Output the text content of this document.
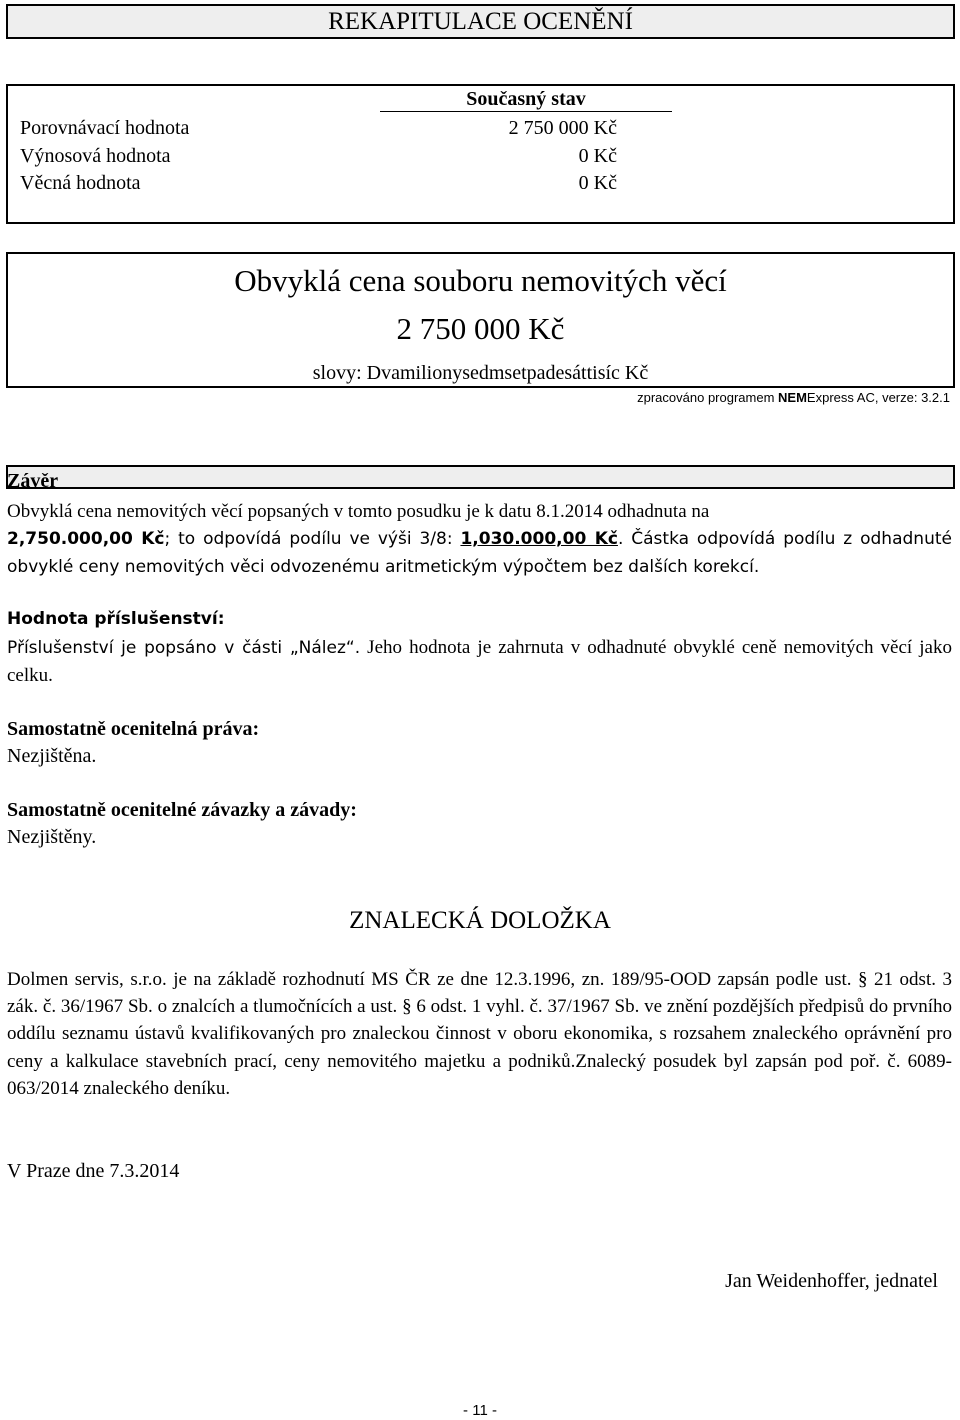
REKAPITULACE OCENĚNÍ
Současný stav
Porovnávací hodnota	2 750 000 Kč
Výnosová hodnota	0 Kč
Věcná hodnota	0 Kč
Obvyklá cena souboru nemovitých věcí
2 750 000 Kč
slovy: Dvamilionysedmsetpadesáttisíc Kč
zpracováno programem NEMExpress AC, verze: 3.2.1
Závěr
Obvyklá cena nemovitých věcí popsaných v tomto posudku je k datu 8.1.2014 odhadnuta na
2,750.000,00 Kč; to odpovídá podílu ve výši 3/8: 1,030.000,00 Kč. Částka odpovídá podílu z odhadnuté obvyklé ceny nemovitých věci odvozenému aritmetickým výpočtem bez dalších korekcí.
Hodnota příslušenství:
Příslušenství je popsáno v části „Nález“. Jeho hodnota je zahrnuta v odhadnuté obvyklé ceně nemovitých věcí jako celku.
Samostatně ocenitelná práva:
Nezjištěna.
Samostatně ocenitelné závazky a závady:
Nezjištěny.
ZNALECKÁ DOLOŽKA
Dolmen servis, s.r.o. je na základě rozhodnutí MS ČR ze dne 12.3.1996, zn. 189/95-OOD zapsán podle ust. § 21 odst. 3 zák. č. 36/1967 Sb. o znalcích a tlumočnících a ust. § 6 odst. 1 vyhl. č. 37/1967 Sb. ve znění pozdějších předpisů do prvního oddílu seznamu ústavů kvalifikovaných pro znaleckou činnost v oboru ekonomika, s rozsahem znaleckého oprávnění pro ceny a kalkulace stavebních prací, ceny nemovitého majetku a podniků.Znalecký posudek byl zapsán pod poř. č. 6089-063/2014 znaleckého deníku.
V Praze dne 7.3.2014
Jan Weidenhoffer, jednatel
- 11 -
